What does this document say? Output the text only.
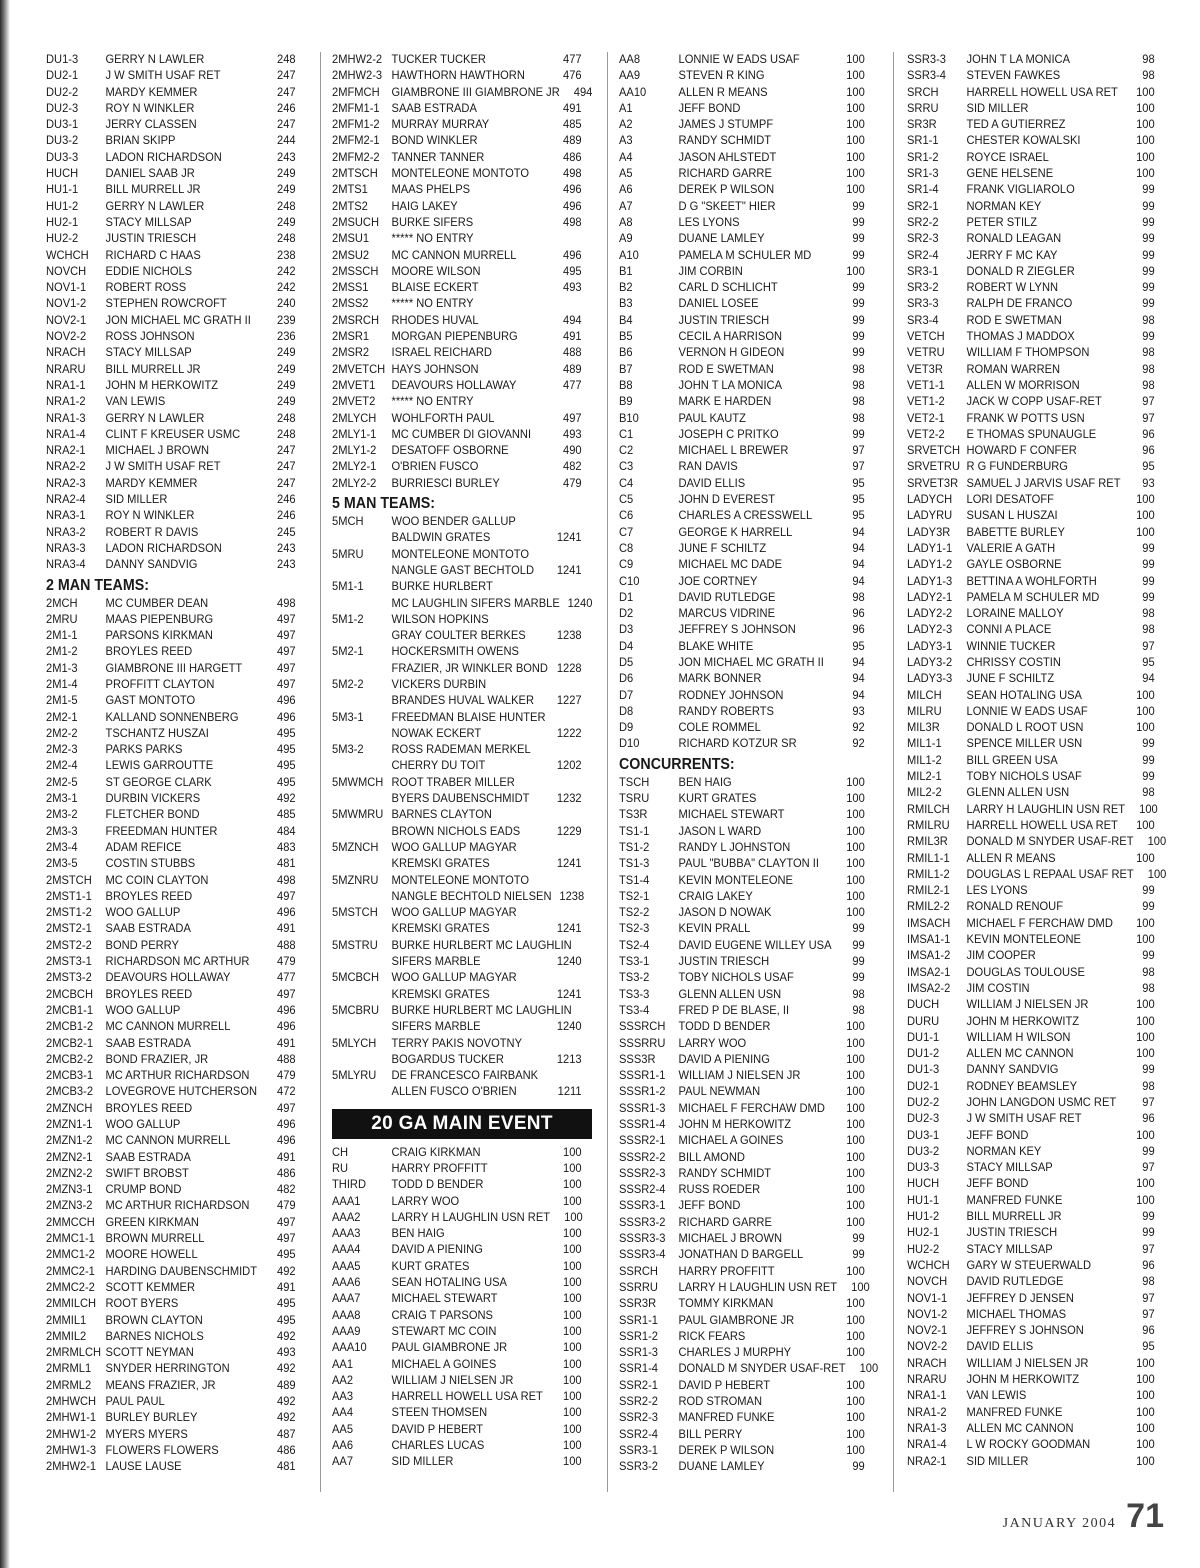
DU1-3	GERRY N LAWLER	248
DU2-1	J W SMITH USAF RET	247
DU2-2	MARDY KEMMER	247
DU2-3	ROY N WINKLER	246
DU3-1	JERRY CLASSEN	247
DU3-2	BRIAN SKIPP	244
DU3-3	LADON RICHARDSON	243
HUCH	DANIEL SAAB JR	249
HU1-1	BILL MURRELL JR	249
HU1-2	GERRY N LAWLER	248
HU2-1	STACY MILLSAP	249
HU2-2	JUSTIN TRIESCH	248
WCHCH	RICHARD C HAAS	238
NOVCH	EDDIE NICHOLS	242
NOV1-1	ROBERT ROSS	242
NOV1-2	STEPHEN ROWCROFT	240
NOV2-1	JON MICHAEL MC GRATH II	239
NOV2-2	ROSS JOHNSON	236
NRACH	STACY MILLSAP	249
NRARU	BILL MURRELL JR	249
NRA1-1	JOHN M HERKOWITZ	249
NRA1-2	VAN LEWIS	249
NRA1-3	GERRY N LAWLER	248
NRA1-4	CLINT F KREUSER USMC	248
NRA2-1	MICHAEL J BROWN	247
NRA2-2	J W SMITH USAF RET	247
NRA2-3	MARDY KEMMER	247
NRA2-4	SID MILLER	246
NRA3-1	ROY N WINKLER	246
NRA3-2	ROBERT R DAVIS	245
NRA3-3	LADON RICHARDSON	243
NRA3-4	DANNY SANDVIG	243
2 MAN TEAMS:
2MCH	MC CUMBER DEAN	498
2MRU	MAAS PIEPENBURG	497
2M1-1	PARSONS KIRKMAN	497
2M1-2	BROYLES REED	497
2M1-3	GIAMBRONE III HARGETT	497
2M1-4	PROFFITT CLAYTON	497
2M1-5	GAST MONTOTO	496
2M2-1	KALLAND SONNENBERG	496
2M2-2	TSCHANTZ HUSZAI	495
2M2-3	PARKS PARKS	495
2M2-4	LEWIS GARROUTTE	495
2M2-5	ST GEORGE CLARK	495
2M3-1	DURBIN VICKERS	492
2M3-2	FLETCHER BOND	485
2M3-3	FREEDMAN HUNTER	484
2M3-4	ADAM REFICE	483
2M3-5	COSTIN STUBBS	481
2MSTCH	MC COIN CLAYTON	498
2MST1-1	BROYLES REED	497
2MST1-2	WOO GALLUP	496
2MST2-1	SAAB ESTRADA	491
2MST2-2	BOND PERRY	488
2MST3-1	RICHARDSON MC ARTHUR	479
2MST3-2	DEAVOURS HOLLAWAY	477
2MCBCH	BROYLES REED	497
2MCB1-1	WOO GALLUP	496
2MCB1-2	MC CANNON MURRELL	496
2MCB2-1	SAAB ESTRADA	491
2MCB2-2	BOND FRAZIER, JR	488
2MCB3-1	MC ARTHUR RICHARDSON	479
2MCB3-2	LOVEGROVE HUTCHERSON	472
2MZNCH	BROYLES REED	497
2MZN1-1	WOO GALLUP	496
2MZN1-2	MC CANNON MURRELL	496
2MZN2-1	SAAB ESTRADA	491
2MZN2-2	SWIFT BROBST	486
2MZN3-1	CRUMP BOND	482
2MZN3-2	MC ARTHUR RICHARDSON	479
2MMCCH GREEN KIRKMAN	497
2MMC1-1 BROWN MURRELL	497
2MMC1-2 MOORE HOWELL	495
2MMC2-1 HARDING DAUBENSCHMIDT	492
2MMC2-2 SCOTT KEMMER	491
2MMILCH ROOT BYERS	495
2MMIL1	BROWN CLAYTON	495
2MMIL2	BARNES NICHOLS	492
2MRMLCH SCOTT NEYMAN	493
2MRML1	SNYDER HERRINGTON	492
2MRML2	MEANS FRAZIER, JR	489
2MHWCH PAUL PAUL	492
2MHW1-1 BURLEY BURLEY	492
2MHW1-2 MYERS MYERS	487
2MHW1-3 FLOWERS FLOWERS	486
2MHW2-1 LAUSE LAUSE	481
2MHW2-2 TUCKER TUCKER	477
2MHW2-3 HAWTHORN HAWTHORN	476
2MFMCH	GIAMBRONE III GIAMBRONE JR	494
2MFM1-1	SAAB ESTRADA	491
2MFM1-2	MURRAY MURRAY	485
2MFM2-1	BOND WINKLER	489
2MFM2-2	TANNER TANNER	486
2MTSCH	MONTELEONE MONTOTO	498
2MTS1	MAAS PHELPS	496
2MTS2	HAIG LAKEY	496
2MSUCH	BURKE SIFERS	498
2MSU1	***** NO ENTRY
2MSU2	MC CANNON MURRELL	496
2MSSCH	MOORE WILSON	495
2MSS1	BLAISE ECKERT	493
2MSS2	***** NO ENTRY
2MSRCH	RHODES HUVAL	494
2MSR1	MORGAN PIEPENBURG	491
2MSR2	ISRAEL REICHARD	488
2MVETCH HAYS JOHNSON	489
2MVET1	DEAVOURS HOLLAWAY	477
2MVET2	***** NO ENTRY
2MLYCH	WOHLFORTH PAUL	497
2MLY1-1	MC CUMBER DI GIOVANNI	493
2MLY1-2	DESATOFF OSBORNE	490
2MLY2-1	O'BRIEN FUSCO	482
2MLY2-2	BURRIESCI BURLEY	479
5 MAN TEAMS:
5MCH	WOO BENDER GALLUP
BALDWIN GRATES	1241
5MRU	MONTELEONE MONTOTO
NANGLE GAST BECHTOLD	1241
5M1-1	BURKE HURLBERT
MC LAUGHLIN SIFERS MARBLE 1240
5M1-2	WILSON HOPKINS
GRAY COULTER BERKES	1238
5M2-1	HOCKERSMITH OWENS
FRAZIER, JR WINKLER BOND 1228
5M2-2	VICKERS DURBIN
BRANDES HUVAL WALKER	1227
5M3-1	FREEDMAN BLAISE HUNTER
NOWAK ECKERT	1222
5M3-2	ROSS RADEMAN MERKEL
CHERRY DU TOIT	1202
5MWMCH ROOT TRABER MILLER
BYERS DAUBENSCHMIDT	1232
5MWMRU BARNES CLAYTON
BROWN NICHOLS EADS	1229
5MZNCH	WOO GALLUP MAGYAR
KREMSKI GRATES	1241
5MZNRU	MONTELEONE MONTOTO
NANGLE BECHTOLD NIELSEN 1238
5MSTCH	WOO GALLUP MAGYAR
KREMSKI GRATES	1241
5MSTRU	BURKE HURLBERT MC LAUGHLIN
SIFERS MARBLE	1240
5MCBCH	WOO GALLUP MAGYAR
KREMSKI GRATES	1241
5MCBRU	BURKE HURLBERT MC LAUGHLIN
SIFERS MARBLE	1240
5MLYCH	TERRY PAKIS NOVOTNY
BOGARDUS TUCKER	1213
5MLYRU	DE FRANCESCO FAIRBANK
ALLEN FUSCO O'BRIEN	1211
20 GA MAIN EVENT
CH	CRAIG KIRKMAN	100
RU	HARRY PROFFITT	100
THIRD	TODD D BENDER	100
AAA1	LARRY WOO	100
AAA2	LARRY H LAUGHLIN USN RET	100
AAA3	BEN HAIG	100
AAA4	DAVID A PIENING	100
AAA5	KURT GRATES	100
AAA6	SEAN HOTALING USA	100
AAA7	MICHAEL STEWART	100
AAA8	CRAIG T PARSONS	100
AAA9	STEWART MC COIN	100
AAA10	PAUL GIAMBRONE JR	100
AA1	MICHAEL A GOINES	100
AA2	WILLIAM J NIELSEN JR	100
AA3	HARRELL HOWELL USA RET	100
AA4	STEEN THOMSEN	100
AA5	DAVID P HEBERT	100
AA6	CHARLES LUCAS	100
AA7	SID MILLER	100
AA8	LONNIE W EADS USAF	100
AA9	STEVEN R KING	100
AA10	ALLEN R MEANS	100
A1	JEFF BOND	100
A2	JAMES J STUMPF	100
A3	RANDY SCHMIDT	100
A4	JASON AHLSTEDT	100
A5	RICHARD GARRE	100
A6	DEREK P WILSON	100
A7	D G "SKEET" HIER	99
A8	LES LYONS	99
A9	DUANE LAMLEY	99
A10	PAMELA M SCHULER MD	99
B1	JIM CORBIN	100
B2	CARL D SCHLICHT	99
B3	DANIEL LOSEE	99
B4	JUSTIN TRIESCH	99
B5	CECIL A HARRISON	99
B6	VERNON H GIDEON	99
B7	ROD E SWETMAN	98
B8	JOHN T LA MONICA	98
B9	MARK E HARDEN	98
B10	PAUL KAUTZ	98
C1	JOSEPH C PRITKO	99
C2	MICHAEL L BREWER	97
C3	RAN DAVIS	97
C4	DAVID ELLIS	95
C5	JOHN D EVEREST	95
C6	CHARLES A CRESSWELL	95
C7	GEORGE K HARRELL	94
C8	JUNE F SCHILTZ	94
C9	MICHAEL MC DADE	94
C10	JOE CORTNEY	94
D1	DAVID RUTLEDGE	98
D2	MARCUS VIDRINE	96
D3	JEFFREY S JOHNSON	96
D4	BLAKE WHITE	95
D5	JON MICHAEL MC GRATH II	94
D6	MARK BONNER	94
D7	RODNEY JOHNSON	94
D8	RANDY ROBERTS	93
D9	COLE ROMMEL	92
D10	RICHARD KOTZUR SR	92
CONCURRENTS:
TSCH	BEN HAIG	100
TSRU	KURT GRATES	100
TS3R	MICHAEL STEWART	100
TS1-1	JASON L WARD	100
TS1-2	RANDY L JOHNSTON	100
TS1-3	PAUL "BUBBA" CLAYTON II	100
TS1-4	KEVIN MONTELEONE	100
TS2-1	CRAIG LAKEY	100
TS2-2	JASON D NOWAK	100
TS2-3	KEVIN PRALL	99
TS2-4	DAVID EUGENE WILLEY USA	99
TS3-1	JUSTIN TRIESCH	99
TS3-2	TOBY NICHOLS USAF	99
TS3-3	GLENN ALLEN USN	98
TS3-4	FRED P DE BLASE, II	98
SSSRCH	TODD D BENDER	100
SSSRRU	LARRY WOO	100
SSS3R	DAVID A PIENING	100
SSSR1-1	WILLIAM J NIELSEN JR	100
SSSR1-2	PAUL NEWMAN	100
SSSR1-3	MICHAEL F FERCHAW DMD	100
SSSR1-4	JOHN M HERKOWITZ	100
SSSR2-1	MICHAEL A GOINES	100
SSSR2-2	BILL AMOND	100
SSSR2-3	RANDY SCHMIDT	100
SSSR2-4	RUSS ROEDER	100
SSSR3-1	JEFF BOND	100
SSSR3-2	RICHARD GARRE	100
SSSR3-3	MICHAEL J BROWN	99
SSSR3-4	JONATHAN D BARGELL	99
SSRCH	HARRY PROFFITT	100
SSRRU	LARRY H LAUGHLIN USN RET	100
SSR3R	TOMMY KIRKMAN	100
SSR1-1	PAUL GIAMBRONE JR	100
SSR1-2	RICK FEARS	100
SSR1-3	CHARLES J MURPHY	100
SSR1-4	DONALD M SNYDER USAF-RET	100
SSR2-1	DAVID P HEBERT	100
SSR2-2	ROD STROMAN	100
SSR2-3	MANFRED FUNKE	100
SSR2-4	BILL PERRY	100
SSR3-1	DEREK P WILSON	100
SSR3-2	DUANE LAMLEY	99
SSR3-3	JOHN T LA MONICA	98
SSR3-4	STEVEN FAWKES	98
SRCH	HARRELL HOWELL USA RET	100
SRRU	SID MILLER	100
SR3R	TED A GUTIERREZ	100
SR1-1	CHESTER KOWALSKI	100
SR1-2	ROYCE ISRAEL	100
SR1-3	GENE HELSENE	100
SR1-4	FRANK VIGLIAROLO	99
SR2-1	NORMAN KEY	99
SR2-2	PETER STILZ	99
SR2-3	RONALD LEAGAN	99
SR2-4	JERRY F MC KAY	99
SR3-1	DONALD R ZIEGLER	99
SR3-2	ROBERT W LYNN	99
SR3-3	RALPH DE FRANCO	99
SR3-4	ROD E SWETMAN	98
VETCH	THOMAS J MADDOX	99
VETRU	WILLIAM F THOMPSON	98
VET3R	ROMAN WARREN	98
VET1-1	ALLEN W MORRISON	98
VET1-2	JACK W COPP USAF-RET	97
VET2-1	FRANK W POTTS USN	97
VET2-2	E THOMAS SPUNAUGLE	96
SRVETCH HOWARD F CONFER	96
SRVETRU R G FUNDERBURG	95
SRVET3R SAMUEL J JARVIS USAF RET	93
LADYCH	LORI DESATOFF	100
LADYRU	SUSAN L HUSZAI	100
LADY3R	BABETTE BURLEY	100
LADY1-1	VALERIE A GATH	99
LADY1-2	GAYLE OSBORNE	99
LADY1-3	BETTINA A WOHLFORTH	99
LADY2-1	PAMELA M SCHULER MD	99
LADY2-2	LORAINE MALLOY	98
LADY2-3	CONNI A PLACE	98
LADY3-1	WINNIE TUCKER	97
LADY3-2	CHRISSY COSTIN	95
LADY3-3	JUNE F SCHILTZ	94
MILCH	SEAN HOTALING USA	100
MILRU	LONNIE W EADS USAF	100
MIL3R	DONALD L ROOT USN	100
MIL1-1	SPENCE MILLER USN	99
MIL1-2	BILL GREEN USA	99
MIL2-1	TOBY NICHOLS USAF	99
MIL2-2	GLENN ALLEN USN	98
RMILCH	LARRY H LAUGHLIN USN RET	100
RMILRU	HARRELL HOWELL USA RET	100
RMIL3R	DONALD M SNYDER USAF-RET	100
RMIL1-1	ALLEN R MEANS	100
RMIL1-2	DOUGLAS L REPAAL USAF RET	100
RMIL2-1	LES LYONS	99
RMIL2-2	RONALD RENOUF	99
IMSACH	MICHAEL F FERCHAW DMD	100
IMSA1-1	KEVIN MONTELEONE	100
IMSA1-2	JIM COOPER	99
IMSA2-1	DOUGLAS TOULOUSE	98
IMSA2-2	JIM COSTIN	98
DUCH	WILLIAM J NIELSEN JR	100
DURU	JOHN M HERKOWITZ	100
DU1-1	WILLIAM H WILSON	100
DU1-2	ALLEN MC CANNON	100
DU1-3	DANNY SANDVIG	99
DU2-1	RODNEY BEAMSLEY	98
DU2-2	JOHN LANGDON USMC RET	97
DU2-3	J W SMITH USAF RET	96
DU3-1	JEFF BOND	100
DU3-2	NORMAN KEY	99
DU3-3	STACY MILLSAP	97
HUCH	JEFF BOND	100
HU1-1	MANFRED FUNKE	100
HU1-2	BILL MURRELL JR	99
HU2-1	JUSTIN TRIESCH	99
HU2-2	STACY MILLSAP	97
WCHCH	GARY W STEUERWALD	96
NOVCH	DAVID RUTLEDGE	98
NOV1-1	JEFFREY D JENSEN	97
NOV1-2	MICHAEL THOMAS	97
NOV2-1	JEFFREY S JOHNSON	96
NOV2-2	DAVID ELLIS	95
NRACH	WILLIAM J NIELSEN JR	100
NRARU	JOHN M HERKOWITZ	100
NRA1-1	VAN LEWIS	100
NRA1-2	MANFRED FUNKE	100
NRA1-3	ALLEN MC CANNON	100
NRA1-4	L W ROCKY GOODMAN	100
NRA2-1	SID MILLER	100
JANUARY 2004 71
